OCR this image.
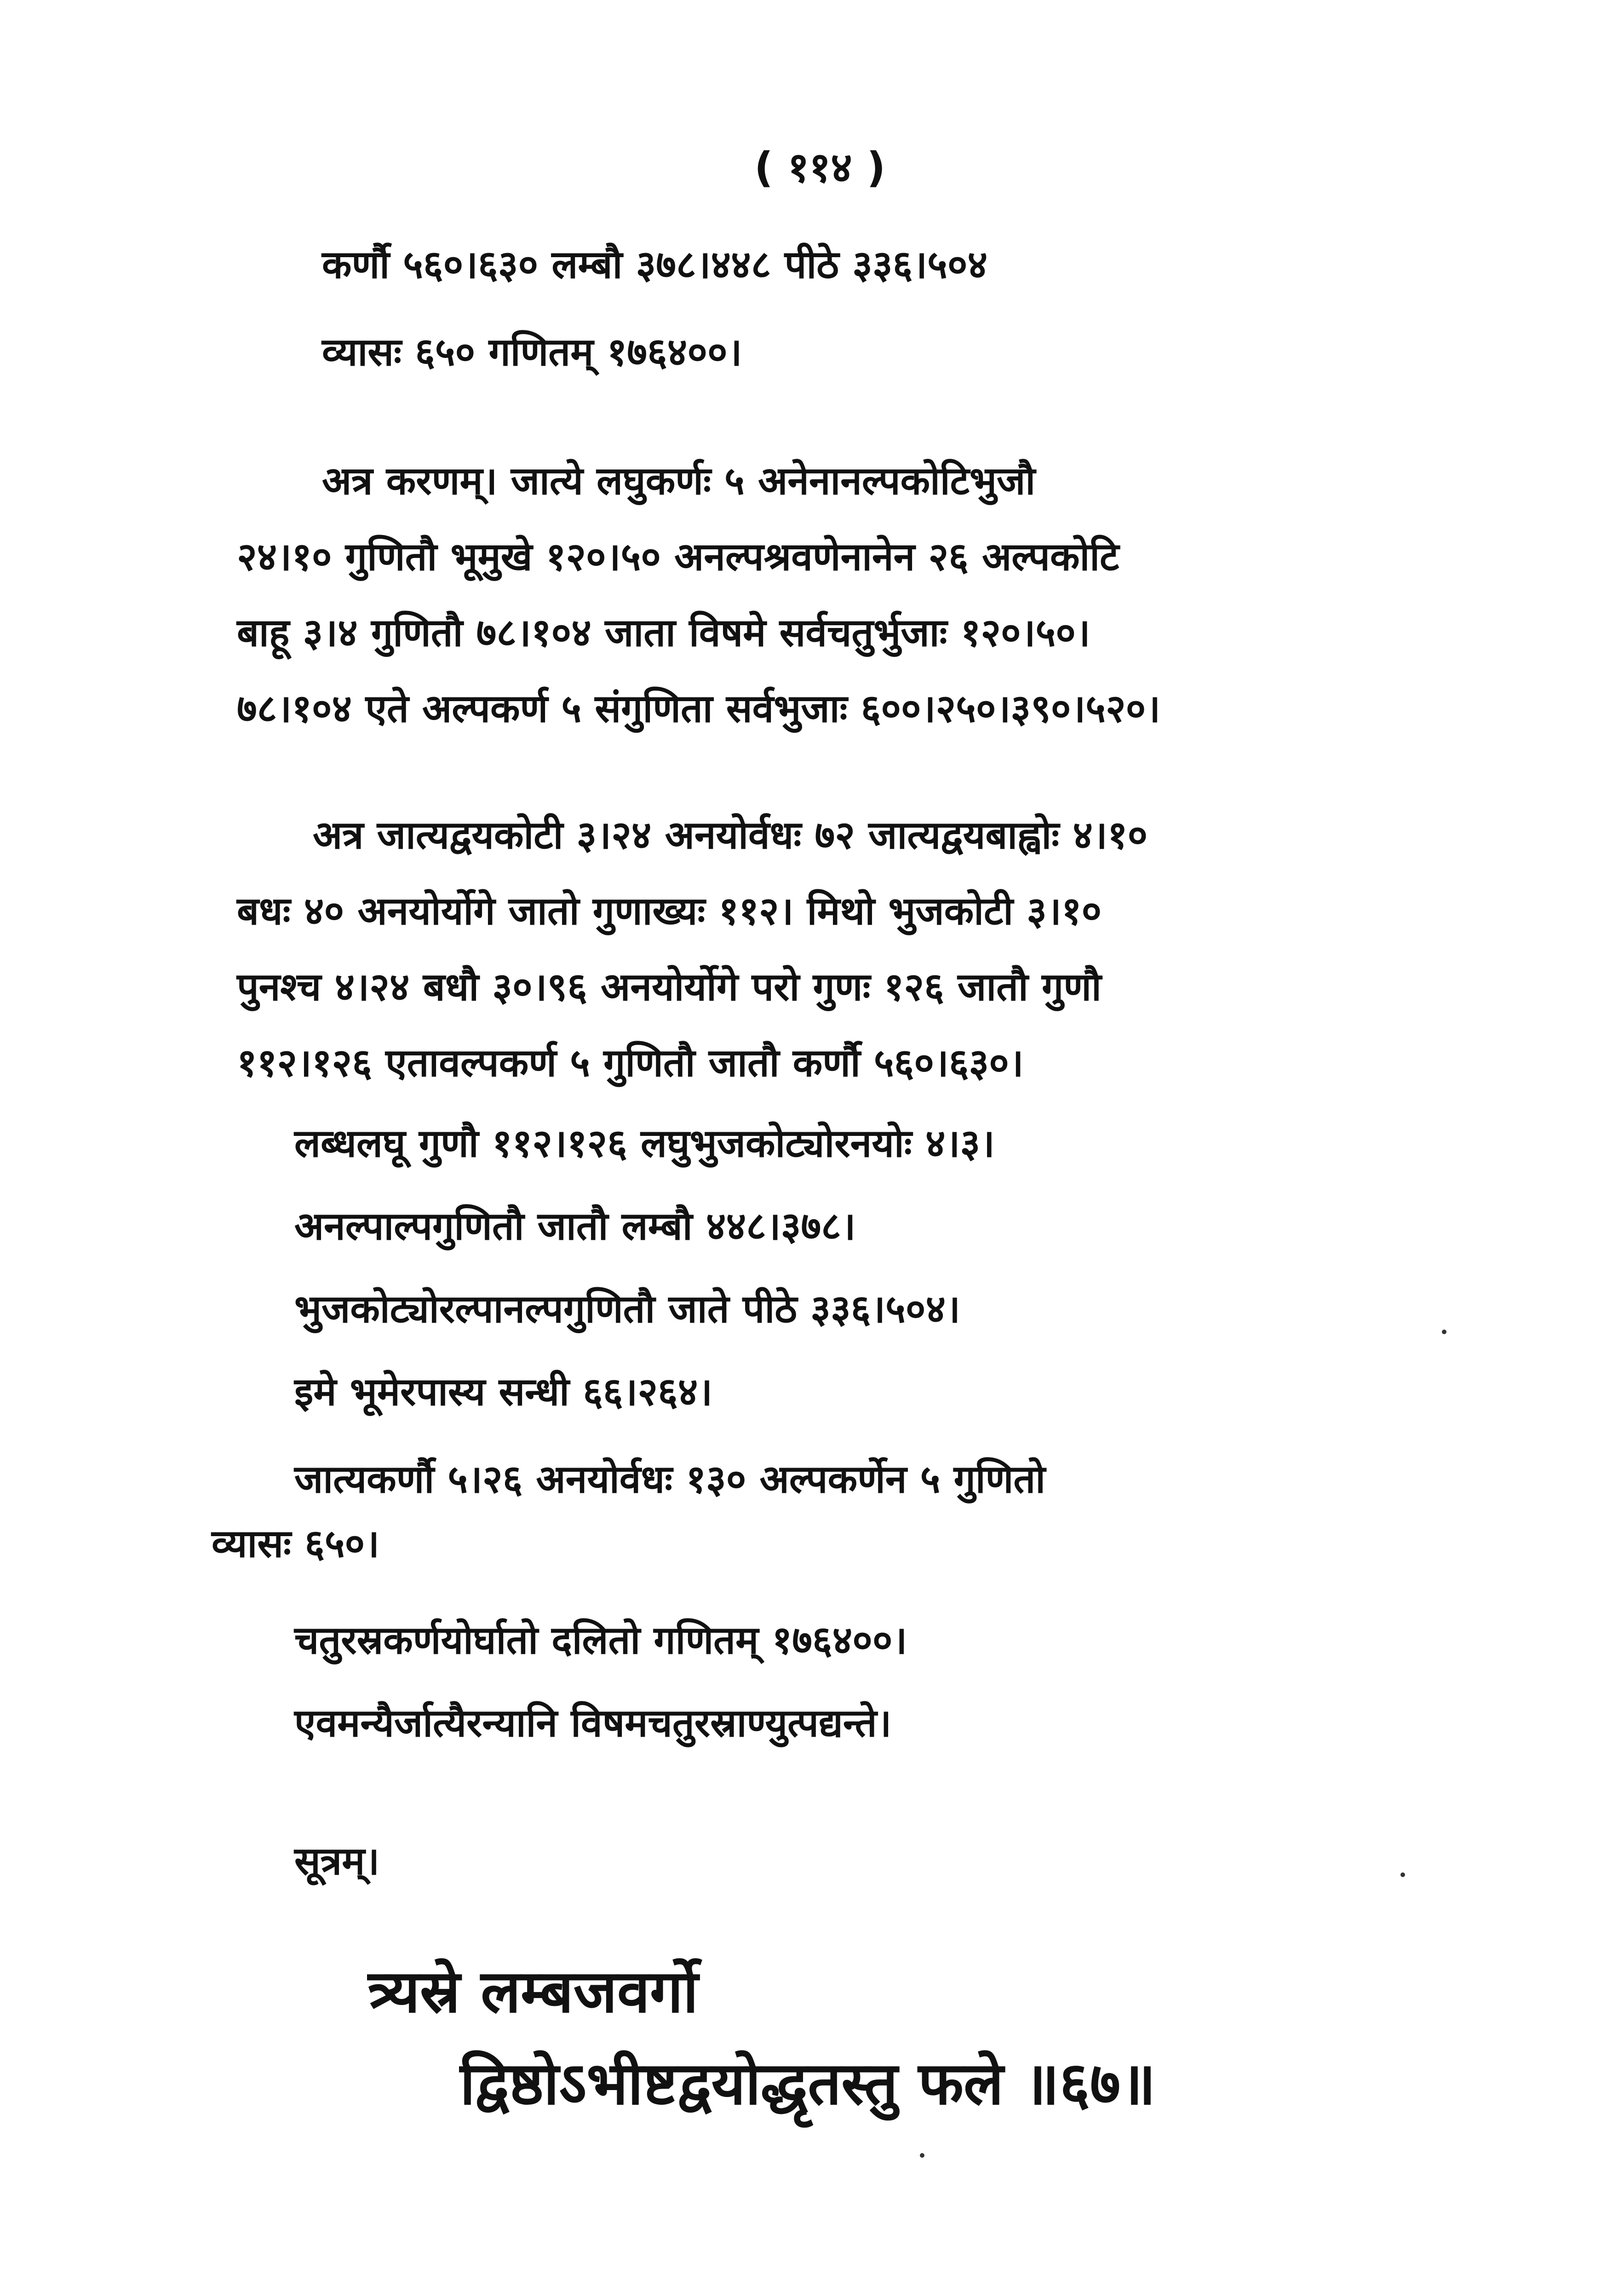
( ११४ )
कर्णौ ५६०।६३० लम्बौ ३७८।४४८ पीठे ३३६।५०४
व्यासः ६५० गणितम् १७६४००।
अत्र करणम्। जात्ये लघुकर्णः ५ अनेनानल्पकोटिभुजौ
२४।१० गुणितौ भूमुखे १२०।५० अनल्पश्रवणेनानेन २६ अल्पकोटि
बाहू ३।४ गुणितौ ७८।१०४ जाता विषमे सर्वचतुर्भुजाः १२०।५०।
७८।१०४ एते अल्पकर्ण ५ संगुणिता सर्वभुजाः ६००।२५०।३९०।५२०।
अत्र जात्यद्वयकोटी ३।२४ अनयोर्वधः ७२ जात्यद्वयबाह्वोः ४।१०
बधः ४० अनयोर्योगे जातो गुणाख्यः ११२। मिथो भुजकोटी ३।१०
पुनश्च ४।२४ बधौ ३०।९६ अनयोर्योगे परो गुणः १२६ जातौ गुणौ
११२।१२६ एतावल्पकर्ण ५ गुणितौ जातौ कर्णौ ५६०।६३०।
लब्धलघू गुणौ ११२।१२६ लघुभुजकोट्योरनयोः ४।३।
अनल्पाल्पगुणितौ जातौ लम्बौ ४४८।३७८।
भुजकोट्योरल्पानल्पगुणितौ जाते पीठे ३३६।५०४।
इमे भूमेरपास्य सन्धी ६६।२६४।
जात्यकर्णौ ५।२६ अनयोर्वधः १३० अल्पकर्णेन ५ गुणितो
व्यासः ६५०।
चतुरस्रकर्णयोर्घातो दलितो गणितम् १७६४००।
एवमन्यैर्जात्यैरन्यानि विषमचतुरस्राण्युत्पद्यन्ते।
सूत्रम्।
त्र्यस्रे लम्बजवर्गो
द्विष्ठोऽभीष्टद्वयोद्धृतस्तु फले ॥६७॥
